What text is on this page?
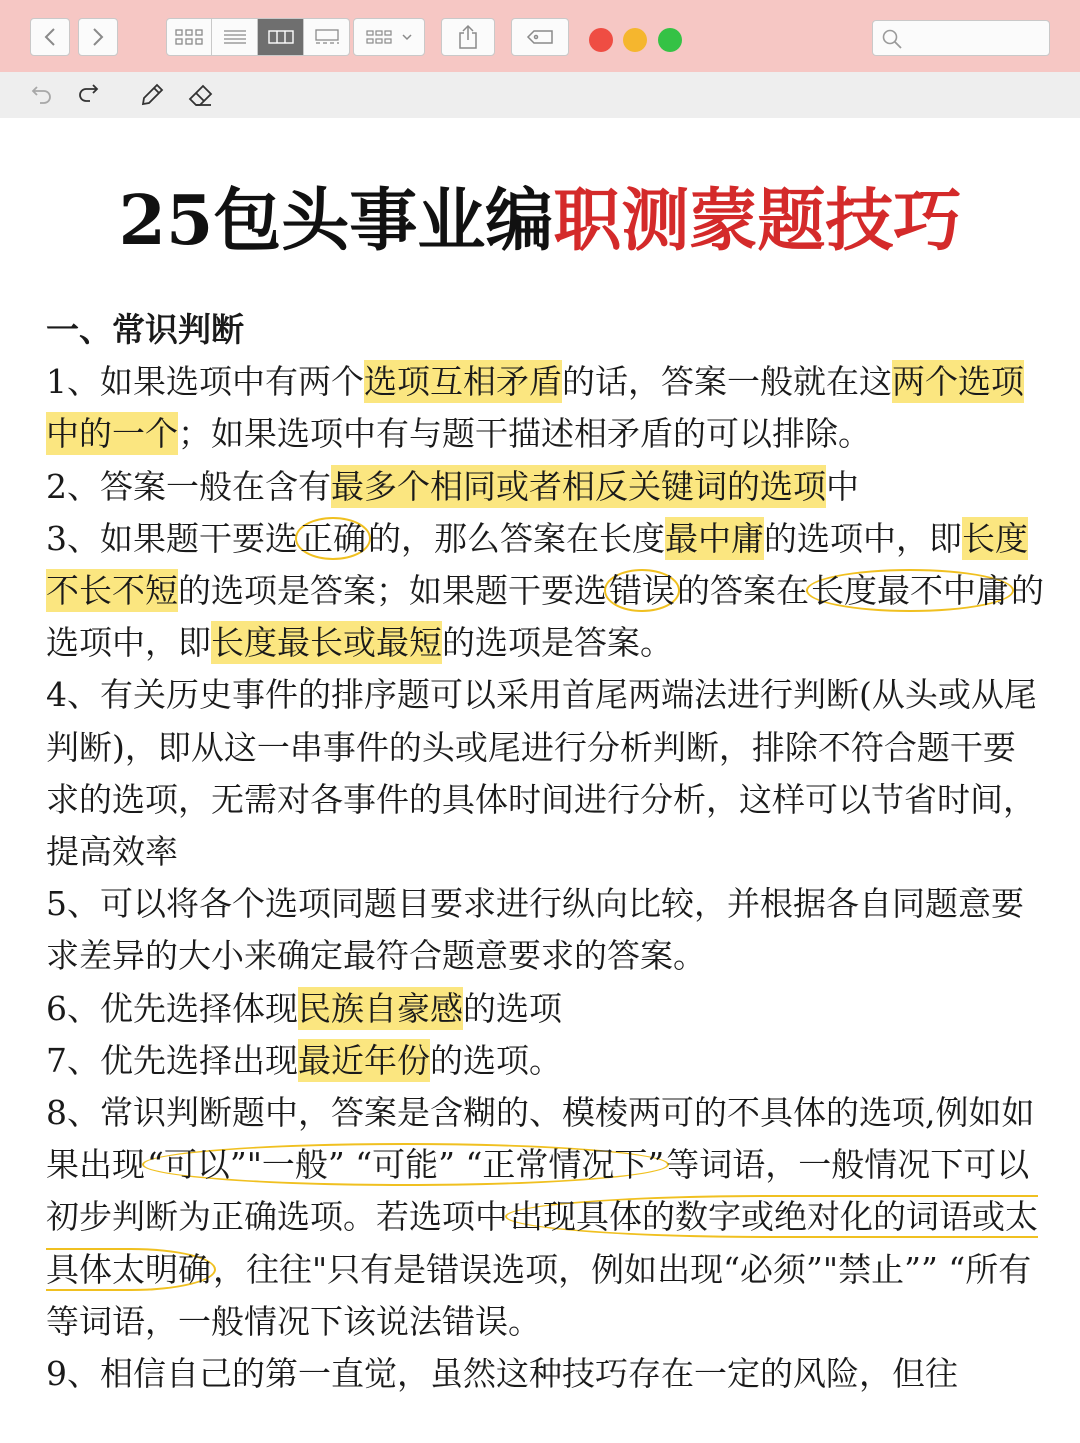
25包头事业编职测蒙题技巧
一、常识判断

1、如果选项中有两个选项互相矛盾的话，答案一般就在这两个选项中的一个；如果选项中有与题干描述相矛盾的可以排除。

2、答案一般在含有最多个相同或者相反关键词的选项中

3、如果题干要选正确的，那么答案在长度最中庸的选项中，即长度不长不短的选项是答案；如果题干要选错误的答案在长度最不中庸的选项中，即长度最长或最短的选项是答案。

4、有关历史事件的排序题可以采用首尾两端法进行判断(从头或从尾判断)，即从这一串事件的头或尾进行分析判断，排除不符合题干要求的选项，无需对各事件的具体时间进行分析，这样可以节省时间，提高效率

5、可以将各个选项同题目要求进行纵向比较，并根据各自同题意要求差异的大小来确定最符合题意要求的答案。

6、优先选择体现民族自豪感的选项

7、优先选择出现最近年份的选项。

8、常识判断题中，答案是含糊的、模棱两可的不具体的选项,例如如果出现“可以”"一般” “可能” “正常情况下”等词语，一般情况下可以初步判断为正确选项。若选项中出现具体的数字或绝对化的词语或太具体太明确，往往"只有是错误选项，例如出现“必须”"禁止”” “所有等词语，一般情况下该说法错误。

9、相信自己的第一直觉，虽然这种技巧存在一定的风险，但往
